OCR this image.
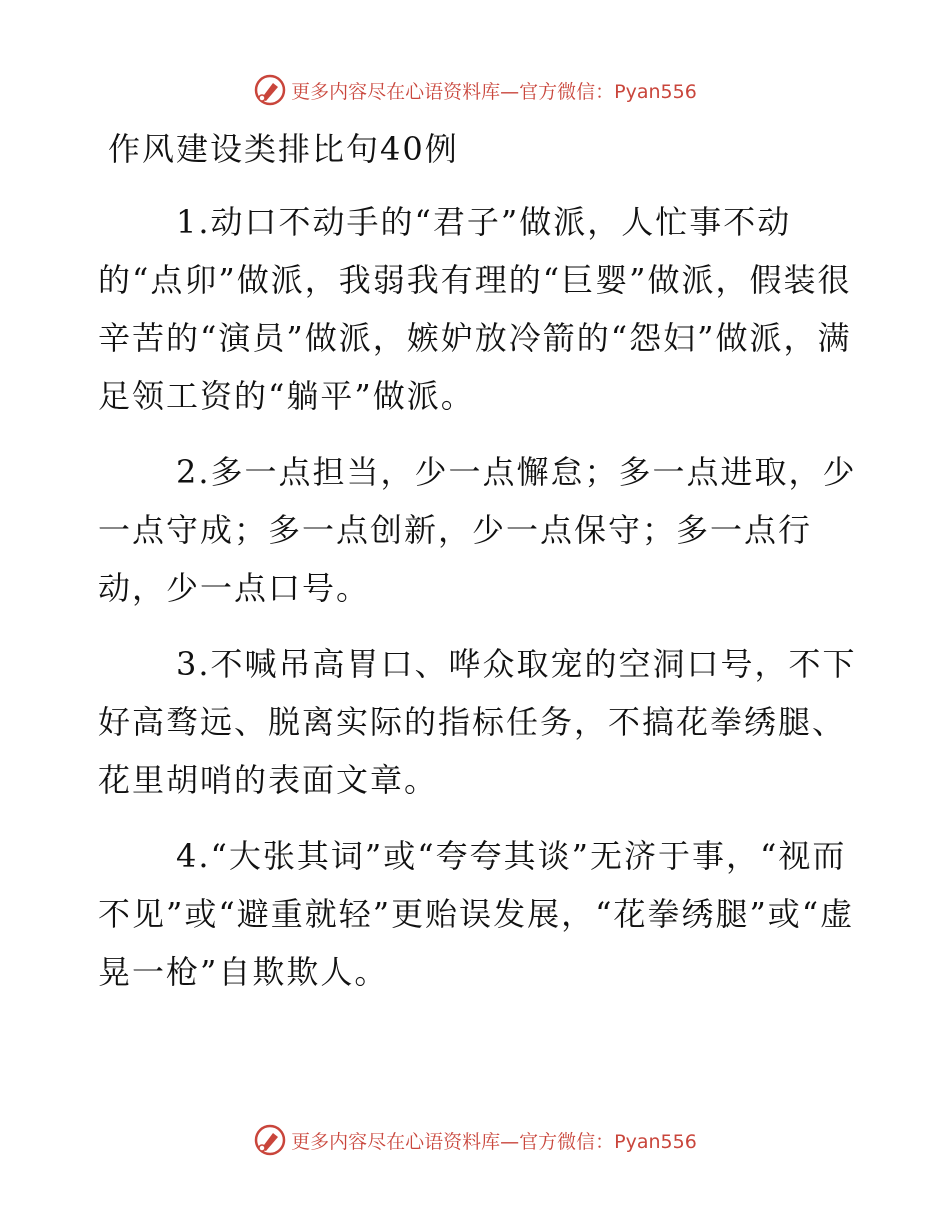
更多内容尽在心语资料库—官方微信：Pyan556
作风建设类排比句40例

1.动口不动手的“君子”做派，人忙事不动的“点卯”做派，我弱我有理的“巨婴”做派，假装很辛苦的“演员”做派，嫉妒放冷箭的“怨妇”做派，满足领工资的“躺平”做派。

2.多一点担当，少一点懈怠；多一点进取，少一点守成；多一点创新，少一点保守；多一点行动，少一点口号。

3.不喊吊高胃口、哗众取宠的空洞口号，不下好高骛远、脱离实际的指标任务，不搞花拳绣腿、花里胡哨的表面文章。

4.“大张其词”或“夸夸其谈”无济于事，“视而不见”或“避重就轻”更贻误发展，“花拳绣腿”或“虚晃一枪”自欺欺人。

更多内容尽在心语资料库—官方微信：Pyan556
